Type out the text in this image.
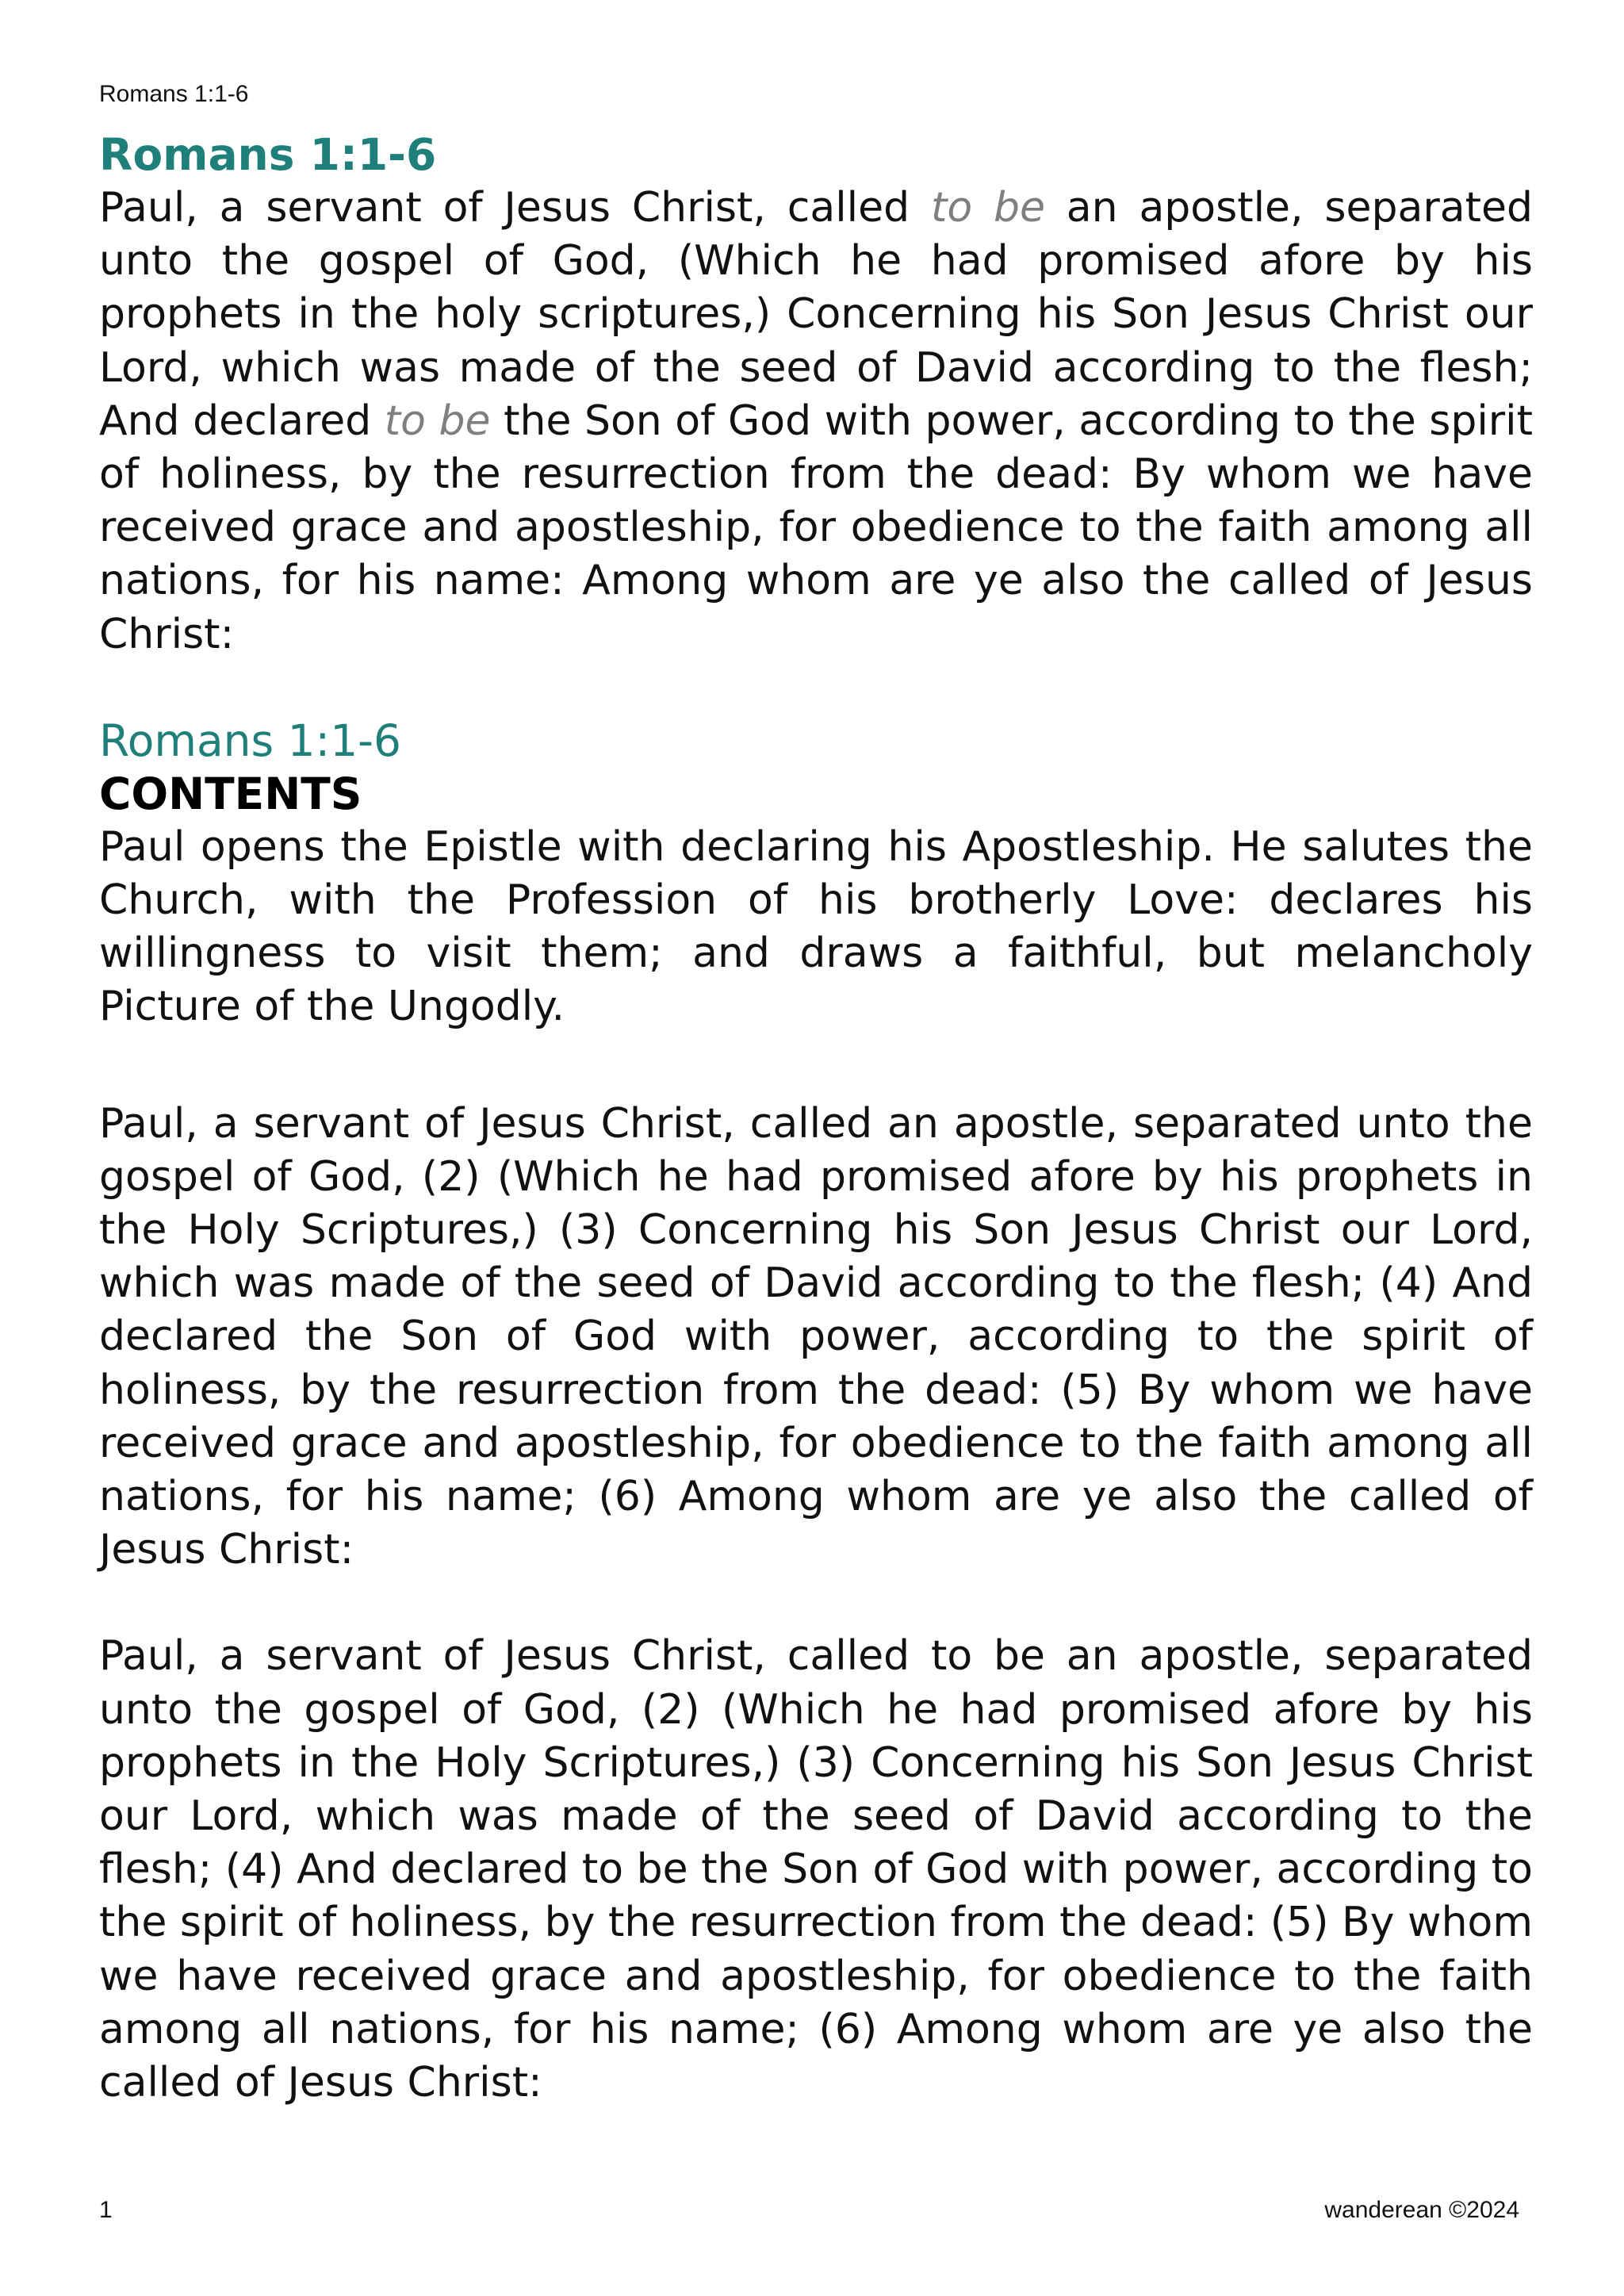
Romans 1:1-6
Romans 1:1-6

Paul, a servant of Jesus Christ, called to be an apostle, separated unto the gospel of God, (Which he had promised afore by his prophets in the holy scriptures,) Concerning his Son Jesus Christ our Lord, which was made of the seed of David according to the flesh; And declared to be the Son of God with power, according to the spirit of holiness, by the resurrection from the dead: By whom we have received grace and apostleship, for obedience to the faith among all nations, for his name: Among whom are ye also the called of Jesus Christ:

Romans 1:1-6
CONTENTS

Paul opens the Epistle with declaring his Apostleship. He salutes the Church, with the Profession of his brotherly Love: declares his willingness to visit them; and draws a faithful, but melancholy Picture of the Ungodly.

Paul, a servant of Jesus Christ, called an apostle, separated unto the gospel of God, (2) (Which he had promised afore by his prophets in the Holy Scriptures,) (3) Concerning his Son Jesus Christ our Lord, which was made of the seed of David according to the flesh; (4) And declared the Son of God with power, according to the spirit of holiness, by the resurrection from the dead: (5) By whom we have received grace and apostleship, for obedience to the faith among all nations, for his name; (6) Among whom are ye also the called of Jesus Christ:

Paul, a servant of Jesus Christ, called to be an apostle, separated unto the gospel of God, (2) (Which he had promised afore by his prophets in the Holy Scriptures,) (3) Concerning his Son Jesus Christ our Lord, which was made of the seed of David according to the flesh; (4) And declared to be the Son of God with power, according to the spirit of holiness, by the resurrection from the dead: (5) By whom we have received grace and apostleship, for obedience to the faith among all nations, for his name; (6) Among whom are ye also the called of Jesus Christ:

1	wanderean ©2024
